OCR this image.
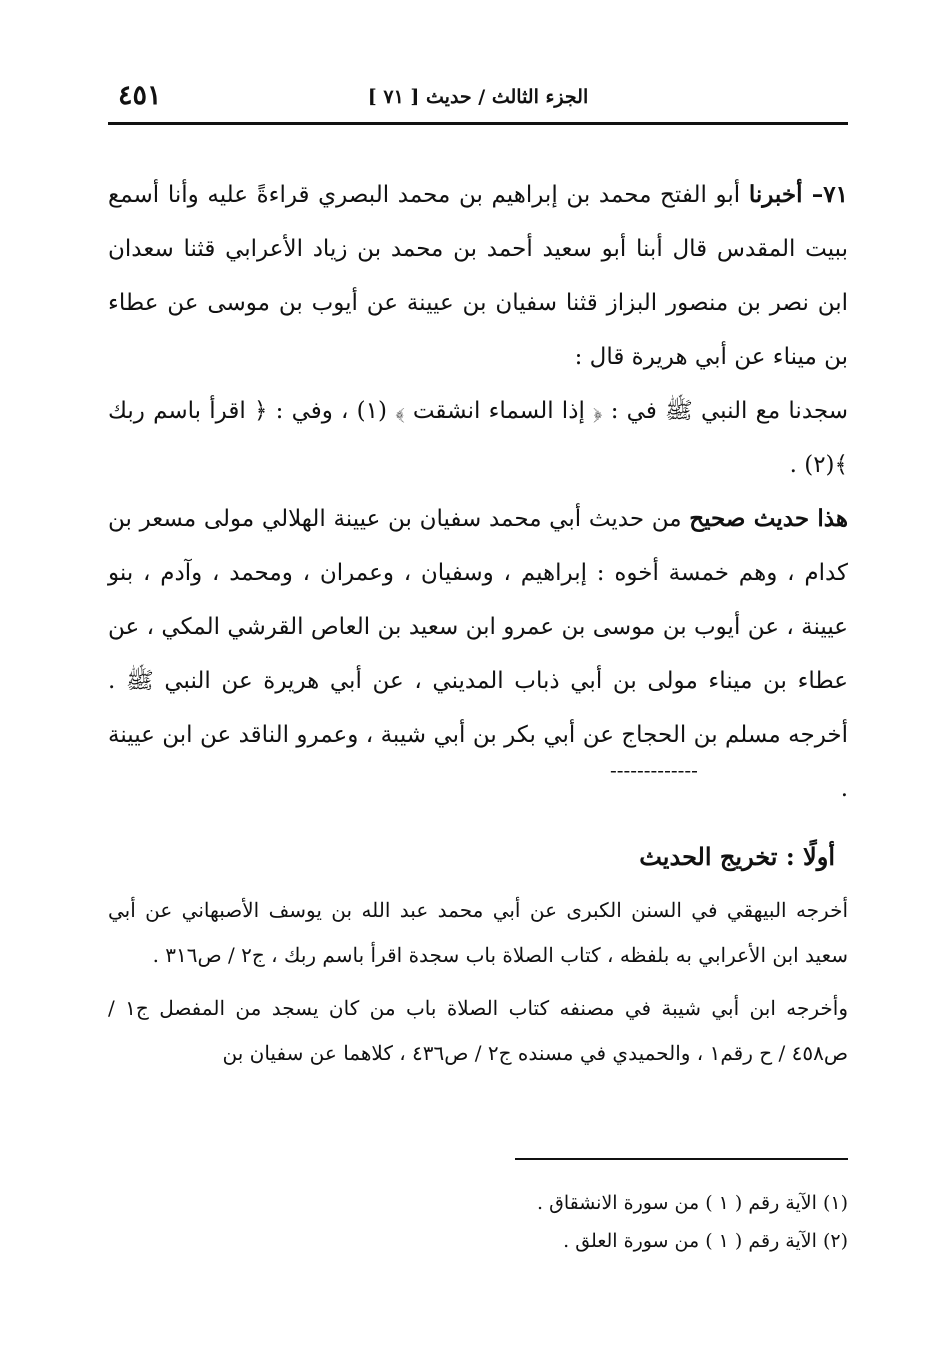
الجزء الثالث / حديث [ ٧١ ]
٤٥١

٧١– أخبرنا أبو الفتح محمد بن إبراهيم بن محمد البصري قراءةً عليه وأنا أسمع ببيت المقدس قال أبنا أبو سعيد أحمد بن محمد بن زياد الأعرابي قثنا سعدان ابن نصر بن منصور البزاز قثنا سفيان بن عيينة عن أيوب بن موسى عن عطاء بن ميناء عن أبي هريرة قال :

سجدنا مع النبي ﷺ في : ﴿ إذا السماء انشقت ﴾ (١) ، وفي : ﴿ اقرأ باسم ربك ﴾(٢) .

هذا حديث صحيح من حديث أبي محمد سفيان بن عيينة الهلالي مولى مسعر بن كدام ، وهم خمسة أخوه : إبراهيم ، وسفيان ، وعمران ، ومحمد ، وآدم ، بنو عيينة ، عن أيوب بن موسى بن عمرو ابن سعيد بن العاص القرشي المكي ، عن عطاء بن ميناء مولى بن أبي ذباب المديني ، عن أبي هريرة عن النبي ﷺ . أخرجه مسلم بن الحجاج عن أبي بكر بن أبي شيبة ، وعمرو الناقد عن ابن عيينة .

-------------
أولًا : تخريج الحديث

أخرجه البيهقي في السنن الكبرى عن أبي محمد عبد الله بن يوسف الأصبهاني عن أبي سعيد ابن الأعرابي به بلفظه ، كتاب الصلاة باب سجدة اقرأ باسم ربك ، ج٢ / ص٣١٦ .

وأخرجه ابن أبي شيبة في مصنفه كتاب الصلاة باب من كان يسجد من المفصل ج١ / ص٤٥٨ / ح رقم١ ، والحميدي في مسنده ج٢ / ص٤٣٦ ، كلاهما عن سفيان بن

(١) الآية رقم ( ١ ) من سورة الانشقاق .
(٢) الآية رقم ( ١ ) من سورة العلق .
